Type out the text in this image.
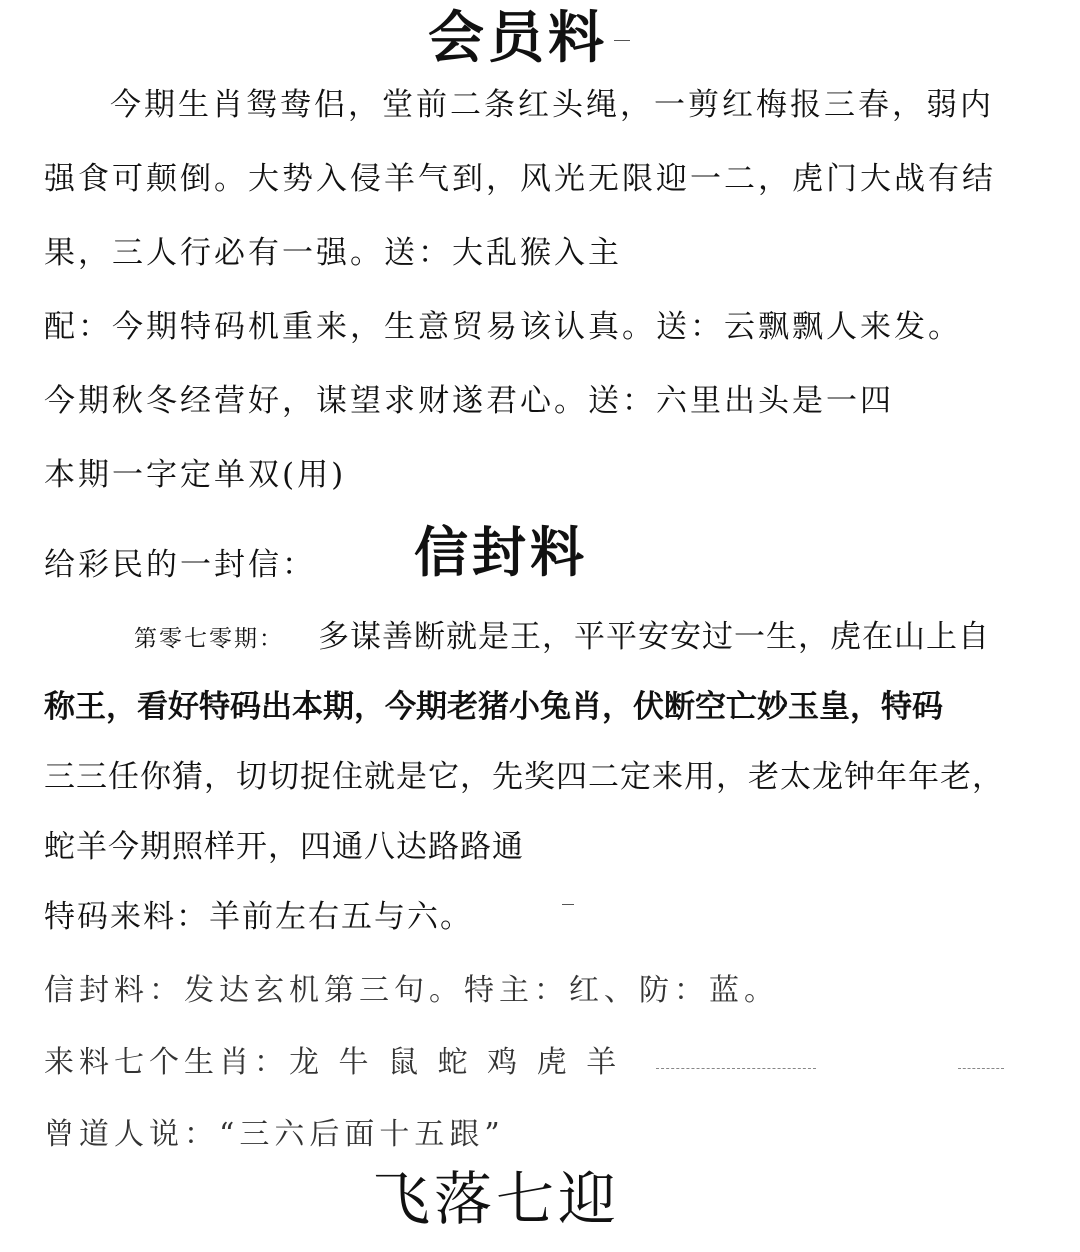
会员料
今期生肖鸳鸯侣，堂前二条红头绳，一剪红梅报三春，弱内
强食可颠倒。大势入侵羊气到，风光无限迎一二，虎门大战有结
果，三人行必有一强。送：大乱猴入主
配：今期特码机重来，生意贸易该认真。送：云飘飘人来发。
今期秋冬经营好，谋望求财遂君心。送：六里出头是一四
本期一字定单双(用)
给彩民的一封信： 信封料
第零七零期： 多谋善断就是王，平平安安过一生，虎在山上自
称王，看好特码出本期，今期老猪小兔肖，伏断空亡妙玉皇，特码
三三任你猜，切切捉住就是它，先奖四二定来用，老太龙钟年年老，
蛇羊今期照样开，四通八达路路通
特码来料：羊前左右五与六。
信封料：发达玄机第三句。特主：红、防：蓝。
来料七个生肖：龙 牛 鼠 蛇 鸡 虎 羊
曾道人说：“三六后面十五跟”
飞落七迎
